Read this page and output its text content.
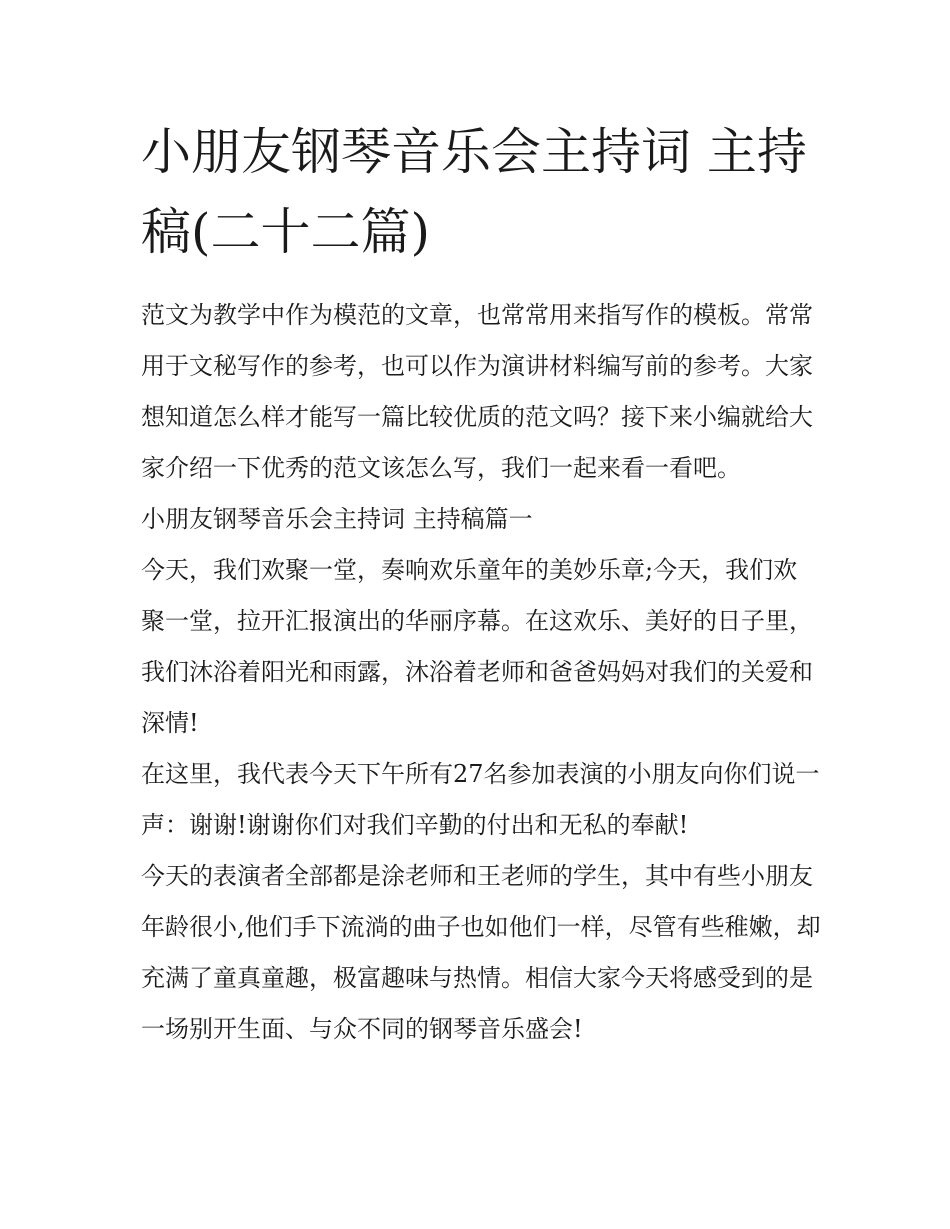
小朋友钢琴音乐会主持词 主持稿(二十二篇)

范文为教学中作为模范的文章，也常常用来指写作的模板。常常用于文秘写作的参考，也可以作为演讲材料编写前的参考。大家想知道怎么样才能写一篇比较优质的范文吗？接下来小编就给大家介绍一下优秀的范文该怎么写，我们一起来看一看吧。

小朋友钢琴音乐会主持词 主持稿篇一

今天，我们欢聚一堂，奏响欢乐童年的美妙乐章;今天，我们欢聚一堂，拉开汇报演出的华丽序幕。在这欢乐、美好的日子里，我们沐浴着阳光和雨露，沐浴着老师和爸爸妈妈对我们的关爱和深情!

在这里，我代表今天下午所有27名参加表演的小朋友向你们说一声：谢谢!谢谢你们对我们辛勤的付出和无私的奉献!

今天的表演者全部都是涂老师和王老师的学生，其中有些小朋友年龄很小,他们手下流淌的曲子也如他们一样，尽管有些稚嫩，却充满了童真童趣，极富趣味与热情。相信大家今天将感受到的是一场别开生面、与众不同的钢琴音乐盛会!
